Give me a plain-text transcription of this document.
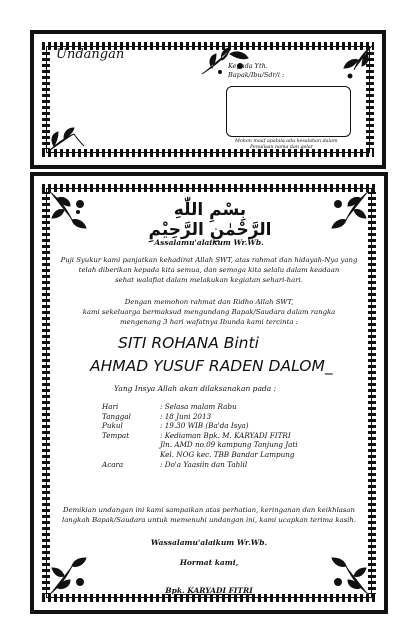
Undangan
Kepada Yth.
Bapak/Ibu/Sdr/i :
Mohon maaf apabila ada kesalahan dalam
Penulisan nama dan gelar
بِسْمِ اللّٰهِ الرَّحْمٰنِ الرَّحِيْمِ
Assalamu'alaikum Wr.Wb.
Puji Syukur kami panjatkan kehadirat Allah SWT, atas rahmat dan hidayah-Nya yang
telah diberikan kepada kita semua, dan semoga kita selalu dalam keadaan
sehat walafiat dalam melakukan kegiatan sehari-hari.
Dengan memohon rahmat dan Ridho Allah SWT,
kami sekeluarga bermaksud mengundang Bapak/Saudara dalam rangka
mengenang 3 hari wafatnya Ibunda kami tercinta :
SITI ROHANA Binti
AHMAD YUSUF RADEN DALOM_
Yang Insya Allah akan dilaksanakan pada :
Hari	: Selasa malam Rabu
Tanggal	: 18 Juni 2013
Pukul	: 19.30 WIB (Ba'da Isya)
Tempat	: Kediaman Bpk. M. KARYADI FITRI
Jln. AMD no.09 kampung Tanjung Jati
Kel. NOG kec. TBB Bandar Lampung
Acara	: Do'a Yaasiin dan Tahlil
Demikian undangan ini kami sampaikan atas perhatian, keringanan dan keikhlasan
langkah Bapak/Saudara untuk memenuhi undangan ini, kami ucapkan terima kasih.
Wassalamu'alaikum Wr.Wb.
Hormat kami,
Bpk. KARYADI FITRI
